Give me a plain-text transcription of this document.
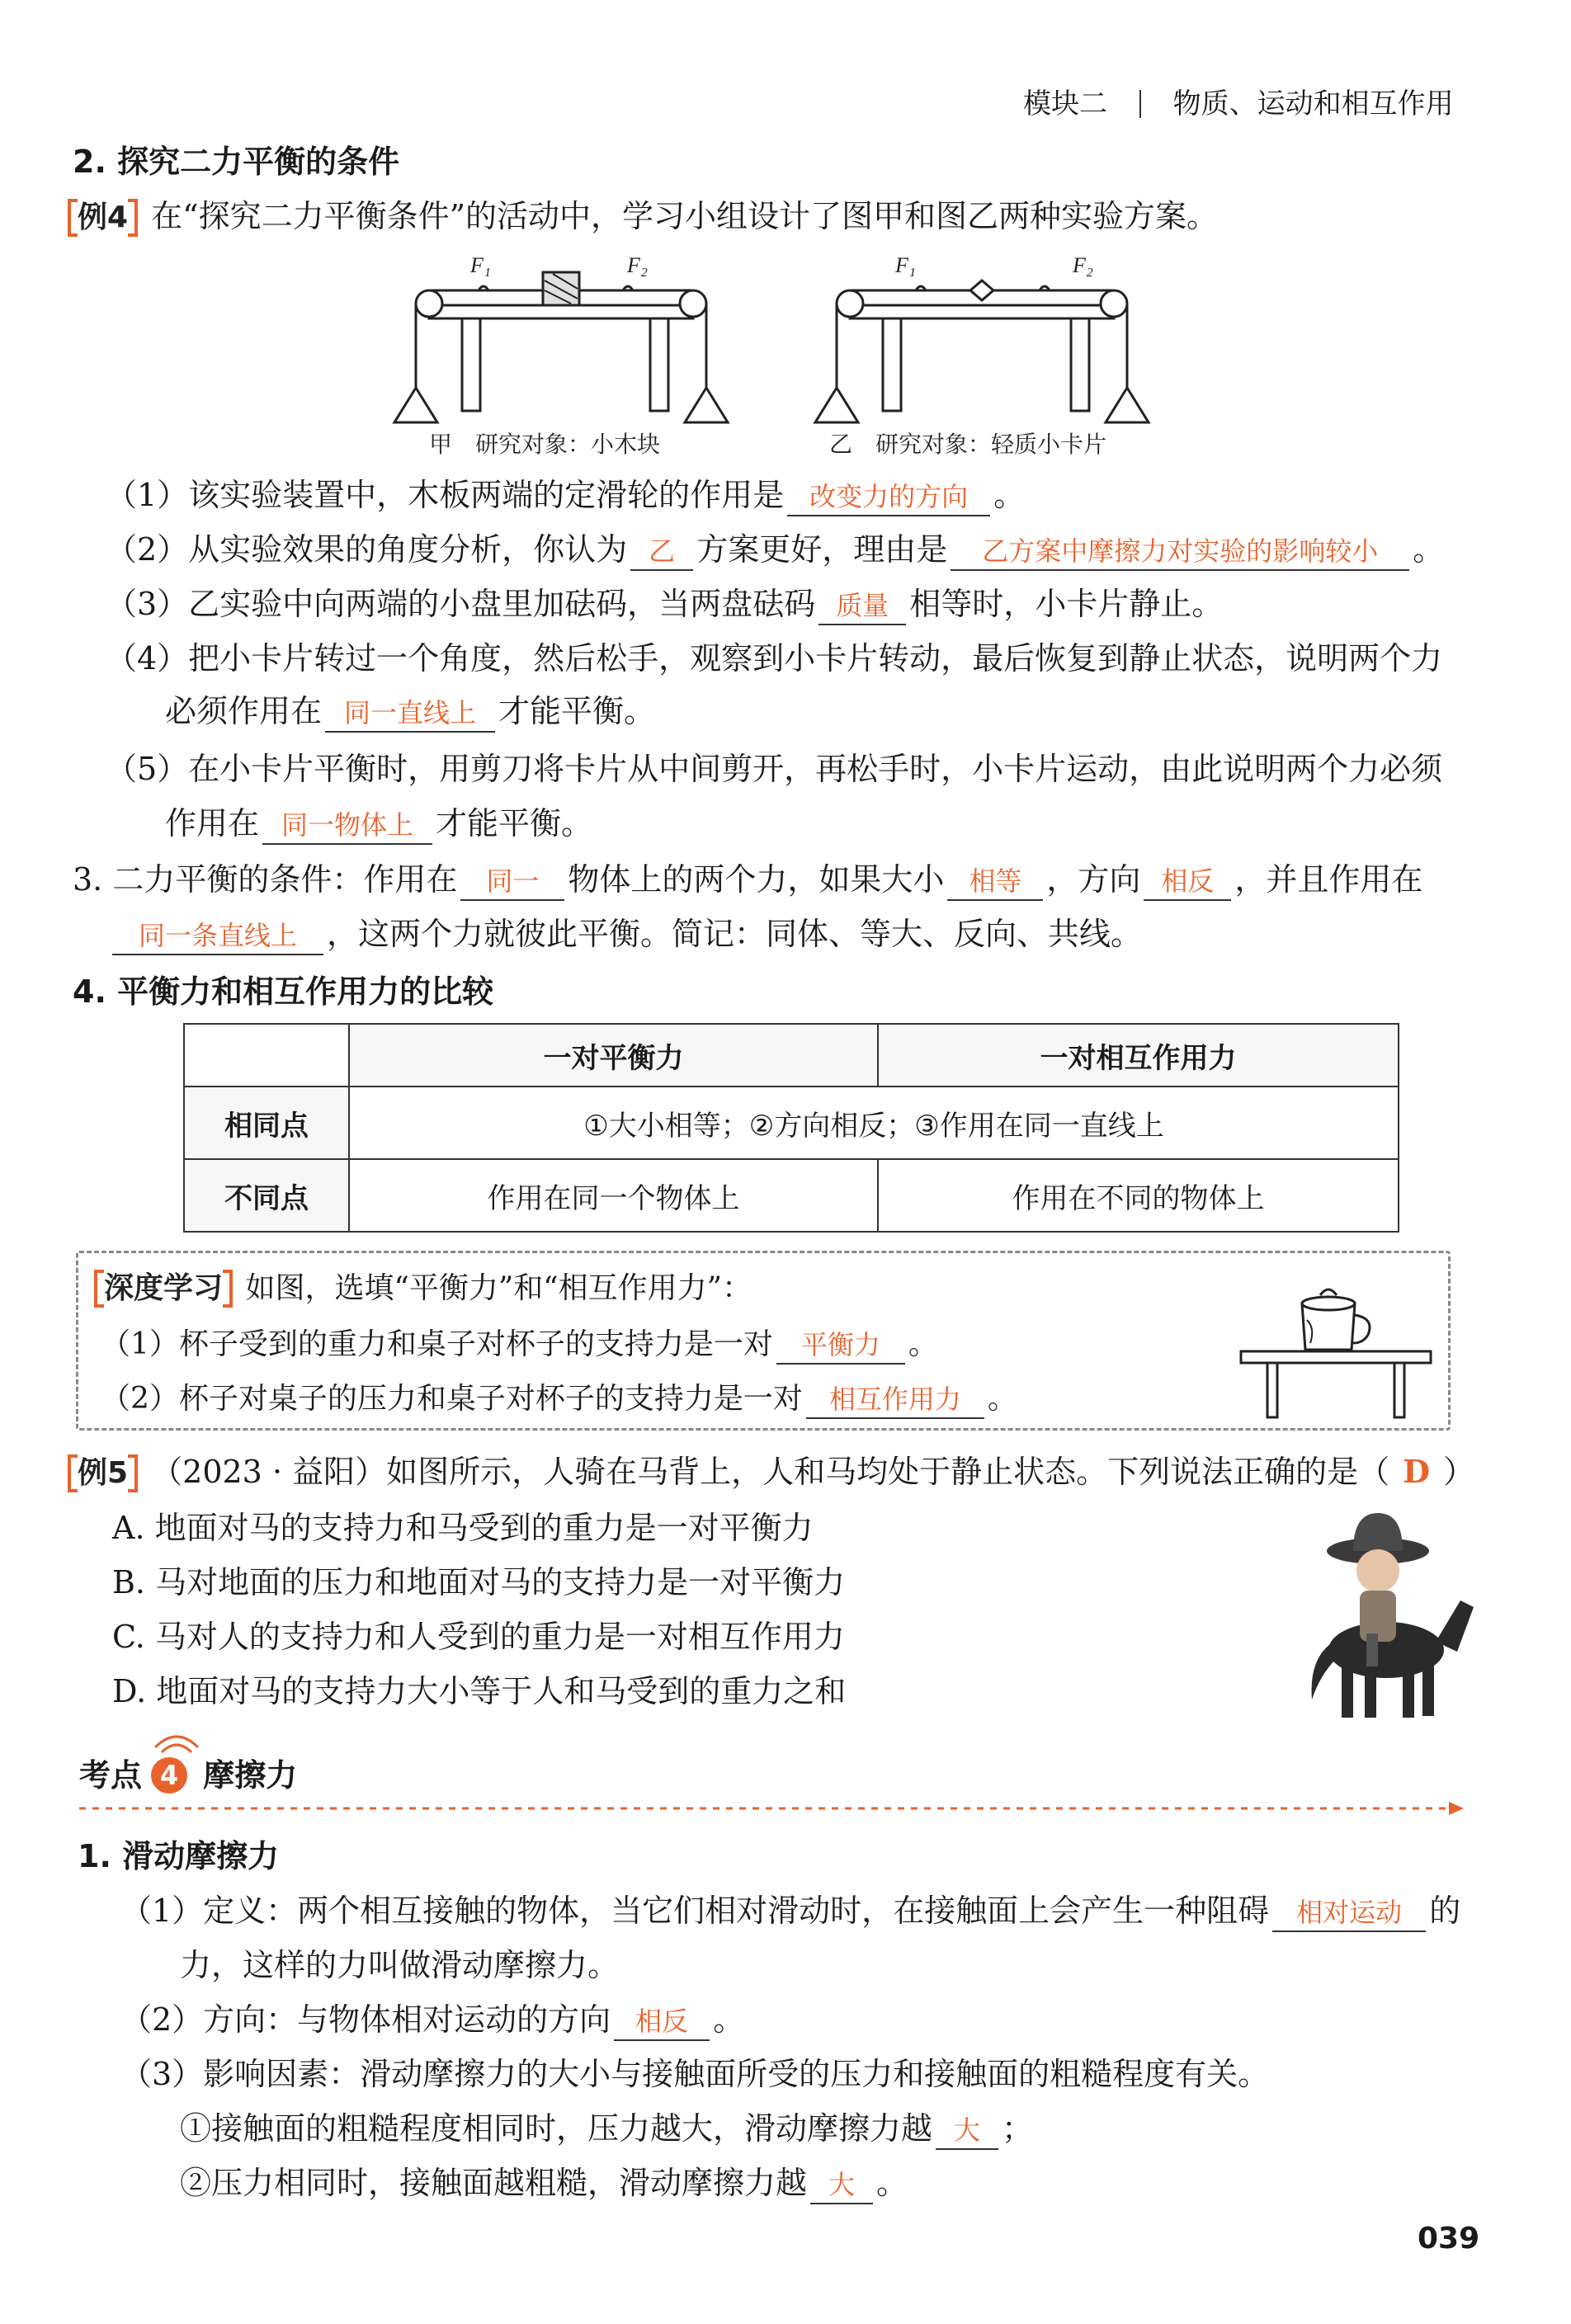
模块二 物质、运动和相互作用
2. 探究二力平衡的条件
例4 在“探究二力平衡条件”的活动中，学习小组设计了图甲和图乙两种实验方案。
F₁	F₂
甲　研究对象：小木块
F₁	F₂
乙　研究对象：轻质小卡片
（1）该实验装置中，木板两端的定滑轮的作用是 改变力的方向 。
（2）从实验效果的角度分析，你认为 乙 方案更好，理由是 乙方案中摩擦力对实验的影响较小 。
（3）乙实验中向两端的小盘里加砝码，当两盘砝码 质量 相等时，小卡片静止。
（4）把小卡片转过一个角度，然后松手，观察到小卡片转动，最后恢复到静止状态，说明两个力
必须作用在 同一直线上 才能平衡。
（5）在小卡片平衡时，用剪刀将卡片从中间剪开，再松手时，小卡片运动，由此说明两个力必须
作用在 同一物体上 才能平衡。
3. 二力平衡的条件：作用在 同一 物体上的两个力，如果大小 相等 ，方向 相反 ，并且作用在
同一条直线上 ，这两个力就彼此平衡。简记：同体、等大、反向、共线。
4. 平衡力和相互作用力的比较
	一对平衡力	一对相互作用力
相同点	①大小相等；②方向相反；③作用在同一直线上	
不同点	作用在同一个物体上	作用在不同的物体上
深度学习 如图，选填“平衡力”和“相互作用力”：
（1）杯子受到的重力和桌子对杯子的支持力是一对 平衡力 。
（2）杯子对桌子的压力和桌子对杯子的支持力是一对 相互作用力 。
例5 （2023 · 益阳）如图所示，人骑在马背上，人和马均处于静止状态。下列说法正确的是（ D ）
A. 地面对马的支持力和马受到的重力是一对平衡力
B. 马对地面的压力和地面对马的支持力是一对平衡力
C. 马对人的支持力和人受到的重力是一对相互作用力
D. 地面对马的支持力大小等于人和马受到的重力之和
考点 4 摩擦力
1. 滑动摩擦力
（1）定义：两个相互接触的物体，当它们相对滑动时，在接触面上会产生一种阻碍 相对运动 的
力，这样的力叫做滑动摩擦力。
（2）方向：与物体相对运动的方向 相反 。
（3）影响因素：滑动摩擦力的大小与接触面所受的压力和接触面的粗糙程度有关。
①接触面的粗糙程度相同时，压力越大，滑动摩擦力越 大 ；
②压力相同时，接触面越粗糙，滑动摩擦力越 大 。
039
